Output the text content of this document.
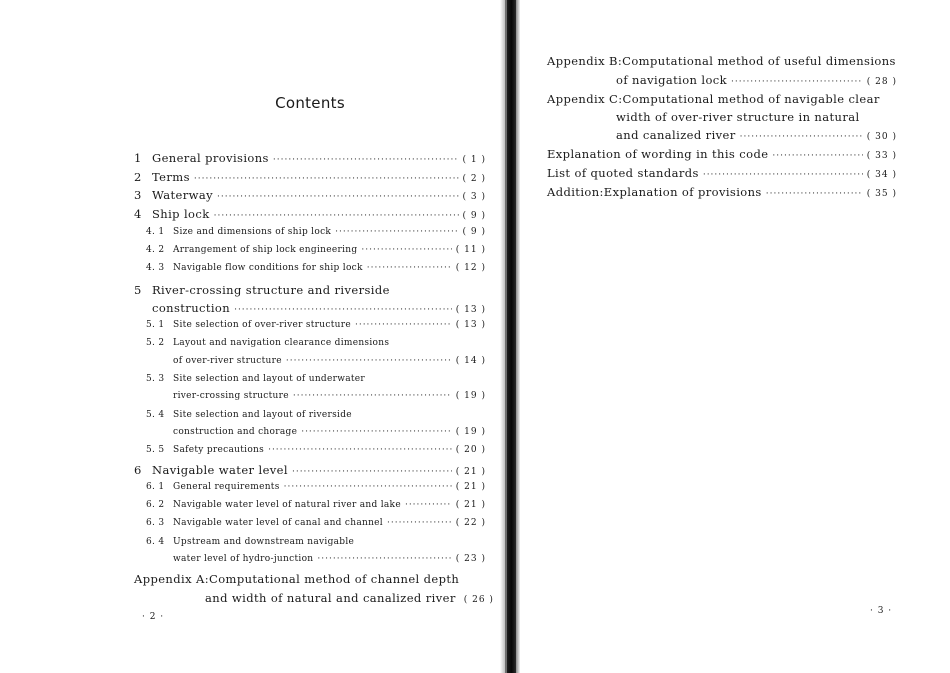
Contents
1 General provisions ·····	( 1 )
2 Terms ·····	( 2 )
3 Waterway ·····	( 3 )
4 Ship lock ·····	( 9 )
4. 1 Size and dimensions of ship lock ·····	( 9 )
4. 2 Arrangement of ship lock engineering ·····	( 11 )
4. 3 Navigable flow conditions for ship lock ·····	( 12 )
5 River-crossing structure and riverside
construction ·····	( 13 )
5. 1 Site selection of over-river structure ·····	( 13 )
5. 2 Layout and navigation clearance dimensions
of over-river structure ·····	( 14 )
5. 3 Site selection and layout of underwater
river-crossing structure ·····	( 19 )
5. 4 Site selection and layout of riverside
construction and chorage ·····	( 19 )
5. 5 Safety precautions ·····	( 20 )
6 Navigable water level ·····	( 21 )
6. 1 General requirements ·····	( 21 )
6. 2 Navigable water level of natural river and lake ·····	( 21 )
6. 3 Navigable water level of canal and channel ·····	( 22 )
6. 4 Upstream and downstream navigable
water level of hydro-junction ·····	( 23 )
Appendix A:Computational method of channel depth
and width of natural and canalized river ( 26 )
· 2 ·
Appendix B:Computational method of useful dimensions
of navigation lock ·····	( 28 )
Appendix C:Computational method of navigable clear
width of over-river structure in natural
and canalized river ·····	( 30 )
Explanation of wording in this code ·····	( 33 )
List of quoted standards ·····	( 34 )
Addition:Explanation of provisions ·····	( 35 )
· 3 ·
